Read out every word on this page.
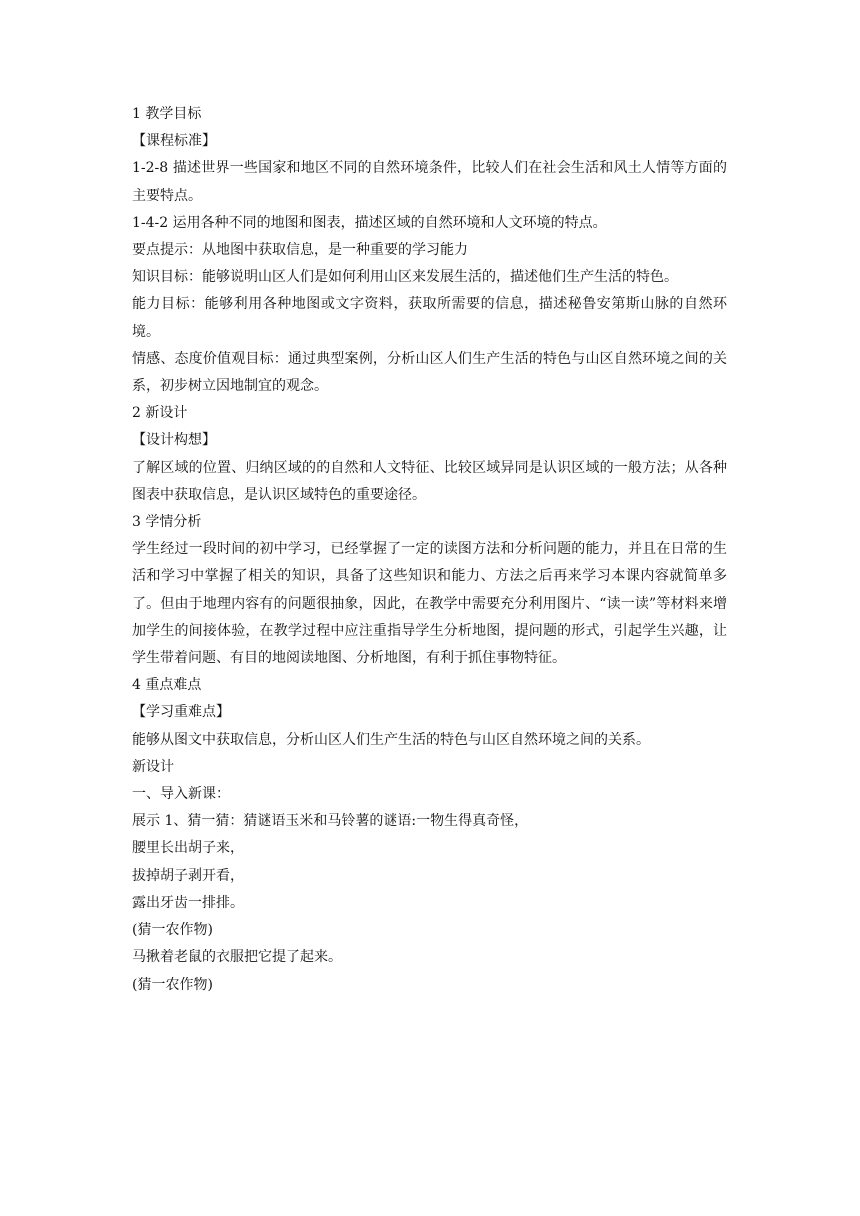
1 教学目标

【课程标准】

1-2-8 描述世界一些国家和地区不同的自然环境条件，比较人们在社会生活和风土人情等方面的主要特点。

1-4-2 运用各种不同的地图和图表，描述区域的自然环境和人文环境的特点。

要点提示：从地图中获取信息，是一种重要的学习能力

知识目标：能够说明山区人们是如何利用山区来发展生活的，描述他们生产生活的特色。

能力目标：能够利用各种地图或文字资料，获取所需要的信息，描述秘鲁安第斯山脉的自然环境。

情感、态度价值观目标：通过典型案例，分析山区人们生产生活的特色与山区自然环境之间的关系，初步树立因地制宜的观念。

2 新设计

【设计构想】

了解区域的位置、归纳区域的的自然和人文特征、比较区域异同是认识区域的一般方法；从各种图表中获取信息，是认识区域特色的重要途径。

3 学情分析

学生经过一段时间的初中学习，已经掌握了一定的读图方法和分析问题的能力，并且在日常的生活和学习中掌握了相关的知识，具备了这些知识和能力、方法之后再来学习本课内容就简单多了。但由于地理内容有的问题很抽象，因此，在教学中需要充分利用图片、“读一读”等材料来增加学生的间接体验，在教学过程中应注重指导学生分析地图，提问题的形式，引起学生兴趣，让学生带着问题、有目的地阅读地图、分析地图，有利于抓住事物特征。

4 重点难点

【学习重难点】

能够从图文中获取信息，分析山区人们生产生活的特色与山区自然环境之间的关系。

新设计

一、导入新课：

展示 1、猜一猜：猜谜语玉米和马铃薯的谜语:一物生得真奇怪，

腰里长出胡子来，

拔掉胡子剥开看，

露出牙齿一排排。

(猜一农作物)

马揪着老鼠的衣服把它提了起来。

(猜一农作物)
